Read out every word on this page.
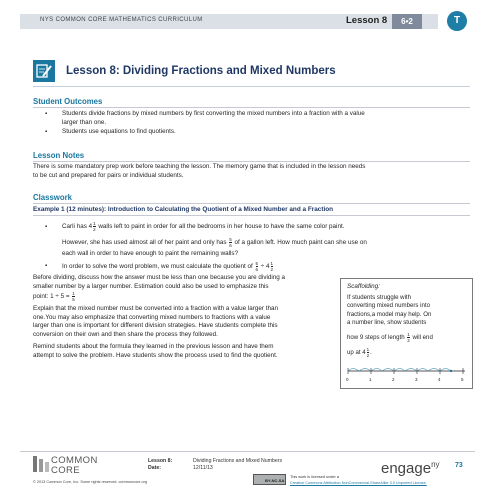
NYS COMMON CORE MATHEMATICS CURRICULUM	Lesson 8	6•2	T
Lesson 8: Dividing Fractions and Mixed Numbers
Student Outcomes
▪ Students divide fractions by mixed numbers by first converting the mixed numbers into a fraction with a value
larger than one.
▪ Students use equations to find quotients.
Lesson Notes
There is some mandatory prep work before teaching the lesson. The memory game that is included in the lesson needs
to be cut and prepared for pairs or individual students.
Classwork
Example 1 (12 minutes): Introduction to Calculating the Quotient of a Mixed Number and a Fraction
▪ Carli has $4 \frac{1}{2}$ walls left to paint in order for all the bedrooms in her house to have the same color paint.
However, she has used almost all of her paint and only has $\frac{5}{6}$ of a gallon left. How much paint can she use on
each wall in order to have enough to paint the remaining walls?
▪ In order to solve the word problem, we must calculate the quotient of $\frac{5}{6} \div 4 \frac{1}{2}$
Before dividing, discuss how the answer must be less than one because you are dividing a
smaller number by a larger number. Estimation could also be used to emphasize this
point: $1 \div 5 = \frac{1}{5}$
Explain that the mixed number must be converted into a fraction with a value larger than
one.You may also emphasize that converting mixed numbers to fractions with a value
larger than one is important for different division strategies. Have students complete this
conversion on their own and then share the process they followed.
Remind students about the formula they learned in the previous lesson and have them
attempt to solve the problem. Have students show the process used to find the quotient.
Scaffolding:
If students struggle with
converting mixed numbers into
fractions,a model may help. On
a number line, show students
how 9 steps of length $\frac{1}{2}$ will end
up at $4 \frac{1}{2}$ .
0	1	2	3	4	5
COMMON
CORE
Lesson 8:	Dividing Fractions and Mixed Numbers
Date:	12/11/13	engage$^{ny}$ 73
© 2013 Common Core, Inc. Some rights reserved. commoncore.org	BY-NC-SA
This work is licensed under a
Creative Commons Attribution-NonCommercial-ShareAlike 3.0 Unported License.
